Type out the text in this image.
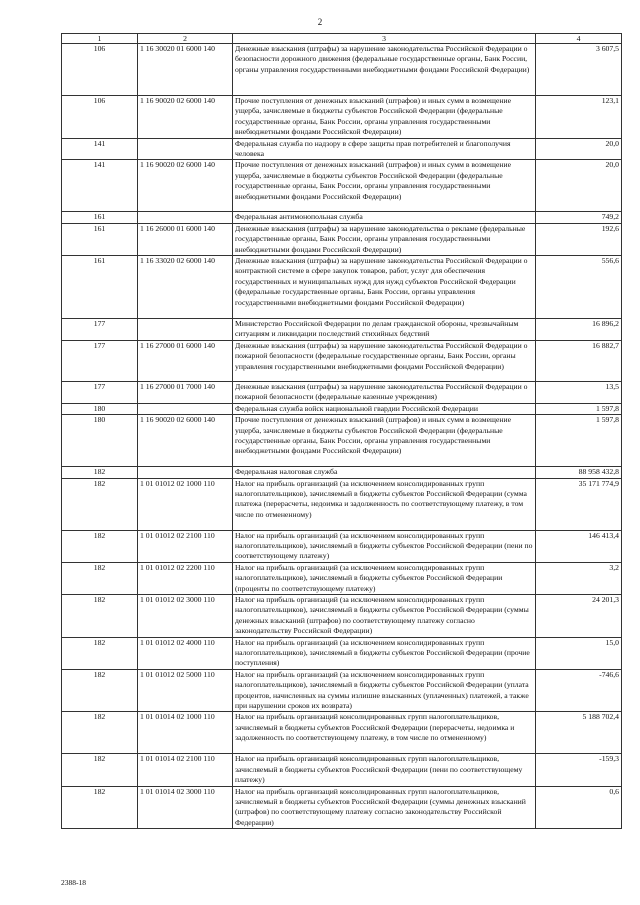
2
1	2	3	4
106	1 16 30020 01 6000 140	Денежные взыскания (штрафы) за нарушение законодательства Российской Федерации о безопасности дорожного движения (федеральные государственные органы, Банк России, органы управления государственными внебюджетными фондами Российской Федерации)	3 607,5
106	1 16 90020 02 6000 140	Прочие поступления от денежных взысканий (штрафов) и иных сумм в возмещение ущерба, зачисляемые в бюджеты субъектов Российской Федерации (федеральные государственные органы, Банк России, органы управления государственными внебюджетными фондами Российской Федерации)	123,1
141		Федеральная служба по надзору в сфере защиты прав потребителей и благополучия человека	20,0
141	1 16 90020 02 6000 140	Прочие поступления от денежных взысканий (штрафов) и иных сумм в возмещение ущерба, зачисляемые в бюджеты субъектов Российской Федерации (федеральные государственные органы, Банк России, органы управления государственными внебюджетными фондами Российской Федерации)	20,0
161		Федеральная антимонопольная служба	749,2
161	1 16 26000 01 6000 140	Денежные взыскания (штрафы) за нарушение законодательства о рекламе (федеральные государственные органы, Банк России, органы управления государственными внебюджетными фондами Российской Федерации)	192,6
161	1 16 33020 02 6000 140	Денежные взыскания (штрафы) за нарушение законодательства Российской Федерации о контрактной системе в сфере закупок товаров, работ, услуг для обеспечения государственных и муниципальных нужд для нужд субъектов Российской Федерации (федеральные государственные органы, Банк России, органы управления государственными внебюджетными фондами Российской Федерации)	556,6
177		Министерство Российской Федерации по делам гражданской обороны, чрезвычайным ситуациям и ликвидации последствий стихийных бедствий	16 896,2
177	1 16 27000 01 6000 140	Денежные взыскания (штрафы) за нарушение законодательства Российской Федерации о пожарной безопасности (федеральные государственные органы, Банк России, органы управления государственными внебюджетными фондами Российской Федерации)	16 882,7
177	1 16 27000 01 7000 140	Денежные взыскания (штрафы) за нарушение законодательства Российской Федерации о пожарной безопасности (федеральные казенные учреждения)	13,5
180		Федеральная служба войск национальной гвардии Российской Федерации	1 597,8
180	1 16 90020 02 6000 140	Прочие поступления от денежных взысканий (штрафов) и иных сумм в возмещение ущерба, зачисляемые в бюджеты субъектов Российской Федерации (федеральные государственные органы, Банк России, органы управления государственными внебюджетными фондами Российской Федерации)	1 597,8
182		Федеральная налоговая служба	88 958 432,8
182	1 01 01012 02 1000 110	Налог на прибыль организаций (за исключением консолидированных групп налогоплательщиков), зачисляемый в бюджеты субъектов Российской Федерации (сумма платежа (перерасчеты, недоимка и задолженность по соответствующему платежу, в том числе по отмененному)	35 171 774,9
182	1 01 01012 02 2100 110	Налог на прибыль организаций (за исключением консолидированных групп налогоплательщиков), зачисляемый в бюджеты субъектов Российской Федерации (пени по соответствующему платежу)	146 413,4
182	1 01 01012 02 2200 110	Налог на прибыль организаций (за исключением консолидированных групп налогоплательщиков), зачисляемый в бюджеты субъектов Российской Федерации (проценты по соответствующему платежу)	3,2
182	1 01 01012 02 3000 110	Налог на прибыль организаций (за исключением консолидированных групп налогоплательщиков), зачисляемый в бюджеты субъектов Российской Федерации (суммы денежных взысканий (штрафов) по соответствующему платежу согласно законодательству Российской Федерации)	24 201,3
182	1 01 01012 02 4000 110	Налог на прибыль организаций (за исключением консолидированных групп налогоплательщиков), зачисляемый в бюджеты субъектов Российской Федерации (прочие поступления)	15,0
182	1 01 01012 02 5000 110	Налог на прибыль организаций (за исключением консолидированных групп налогоплательщиков), зачисляемый в бюджеты субъектов Российской Федерации (уплата процентов, начисленных на суммы излишне взысканных (уплаченных) платежей, а также при нарушении сроков их возврата)	-746,6
182	1 01 01014 02 1000 110	Налог на прибыль организаций консолидированных групп налогоплательщиков, зачисляемый в бюджеты субъектов Российской Федерации (перерасчеты, недоимка и задолженность по соответствующему платежу, в том числе по отмененному)	5 188 702,4
182	1 01 01014 02 2100 110	Налог на прибыль организаций консолидированных групп налогоплательщиков, зачисляемый в бюджеты субъектов Российской Федерации (пени по соответствующему платежу)	-159,3
182	1 01 01014 02 3000 110	Налог на прибыль организаций консолидированных групп налогоплательщиков, зачисляемый в бюджеты субъектов Российской Федерации (суммы денежных взысканий (штрафов) по соответствующему платежу согласно законодательству Российской Федерации)	0,6
2388-18
